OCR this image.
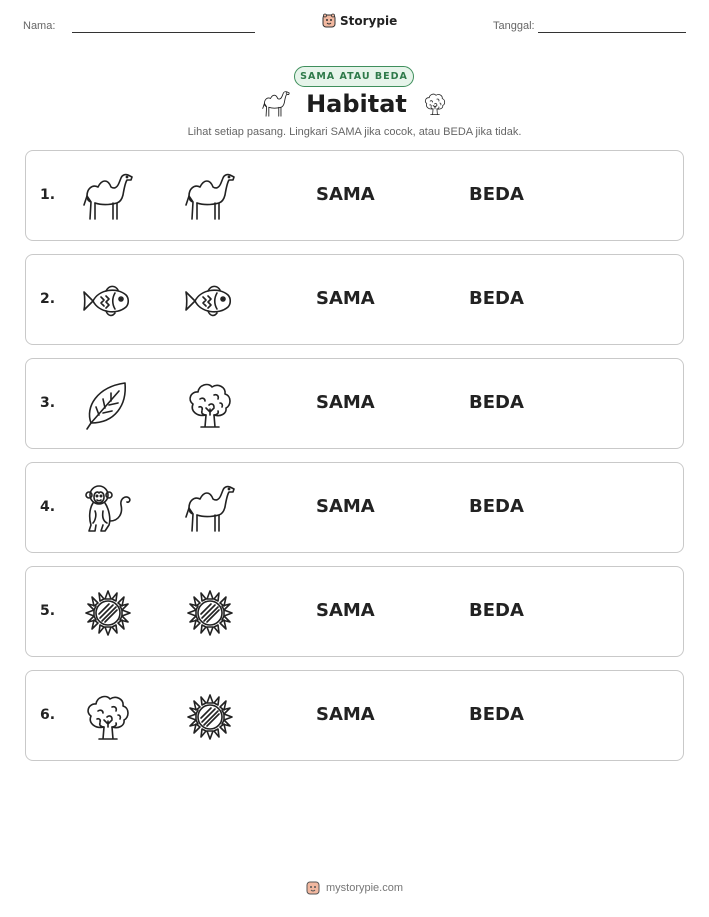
Nama:	Storypie	Tanggal:
SAMA ATAU BEDA
Habitat
Lihat setiap pasang. Lingkari SAMA jika cocok, atau BEDA jika tidak.
1.	SAMA	BEDA
2.	SAMA	BEDA
3.	SAMA	BEDA
4.	SAMA	BEDA
5.	SAMA	BEDA
6.	SAMA	BEDA
mystorypie.com
